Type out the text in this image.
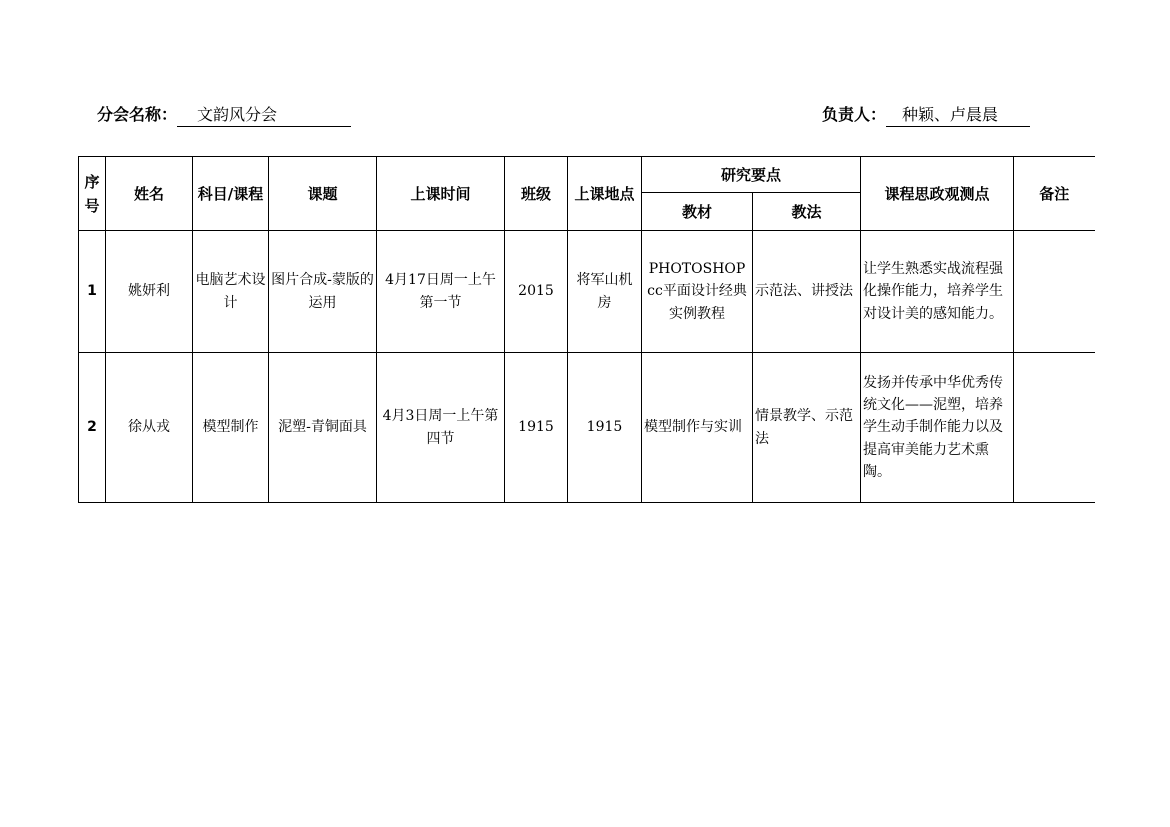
分会名称： 文韵风分会	负责人： 种颖、卢晨晨
序号	姓名	科目/课程	课题	上课时间	班级	上课地点	研究要点		课程思政观测点	备注
							教材	教法		
1	姚妍利	电脑艺术设计	图片合成-蒙版的运用	4月17日周一上午第一节	2015	将军山机房	PHOTOSHOP cc平面设计经典实例教程	示范法、讲授法	让学生熟悉实战流程强化操作能力，培养学生对设计美的感知能力。	
2	徐从戎	模型制作	泥塑-青铜面具	4月3日周一上午第四节	1915	1915	模型制作与实训	情景教学、示范法	发扬并传承中华优秀传统文化——泥塑，培养学生动手制作能力以及提高审美能力艺术熏陶。	
